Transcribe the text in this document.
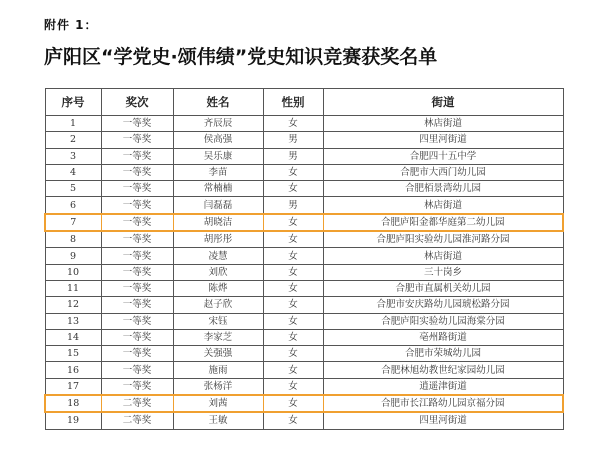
附件 1：
庐阳区“学党史·颂伟绩”党史知识竞赛获奖名单
序号	奖次	姓名	性别	街道
1	一等奖	齐辰辰	女	林店街道
2	一等奖	侯高强	男	四里河街道
3	一等奖	吴乐康	男	合肥四十五中学
4	一等奖	李苗	女	合肥市大西门幼儿园
5	一等奖	常楠楠	女	合肥栢景湾幼儿园
6	一等奖	闫磊磊	男	林店街道
7	一等奖	胡晓洁	女	合肥庐阳金都华庭第二幼儿园
8	一等奖	胡彤彤	女	合肥庐阳实验幼儿园淮河路分园
9	一等奖	凌慧	女	林店街道
10	一等奖	刘欣	女	三十岗乡
11	一等奖	陈烨	女	合肥市直属机关幼儿园
12	一等奖	赵子欣	女	合肥市安庆路幼儿园琥松路分园
13	一等奖	宋钰	女	合肥庐阳实验幼儿园海棠分园
14	一等奖	李家芝	女	亳州路街道
15	一等奖	关强强	女	合肥市荣城幼儿园
16	一等奖	施雨	女	合肥林旭幼教世纪家园幼儿园
17	一等奖	张杨洋	女	逍遥津街道
18	二等奖	刘茜	女	合肥市长江路幼儿园京福分园
19	二等奖	王敏	女	四里河街道
